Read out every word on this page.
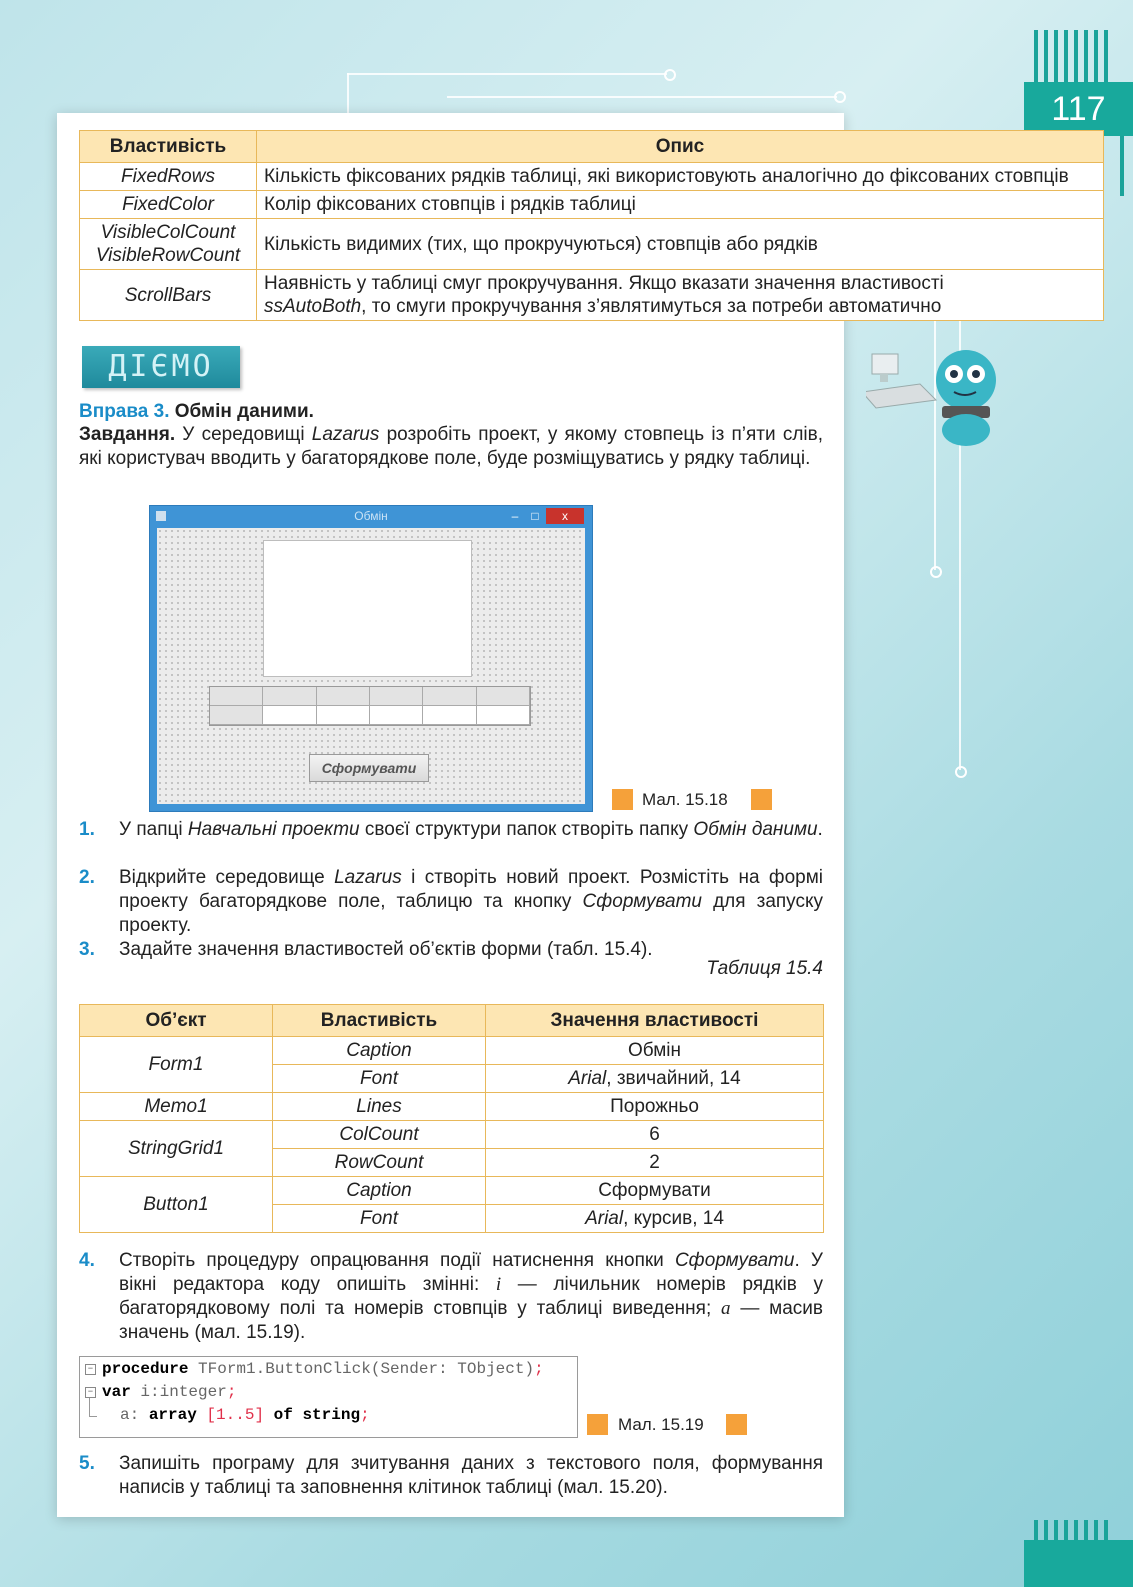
117
Властивість	Опис
FixedRows	Кількість фіксованих рядків таблиці, які використовують аналогічно до фіксованих стовпців
FixedColor	Колір фіксованих стовпців і рядків таблиці

VisibleColCount
VisibleRowCount	Кількість видимих (тих, що прокручуються) стовпців або рядків
ScrollBars	Наявність у таблиці смуг прокручування. Якщо вказати значення властивості
ssAutoBoth, то смуги прокручування з’являтимуться за потреби автоматично
ДІЄМО
Вправа 3. Обмін даними.
Завдання. У середовищі Lazarus розробіть проект, у якому стовпець із п’яти слів, які користувач вводить у багаторядкове поле, буде розміщуватись у рядку таблиці.
Обмін	–	□	x
Сформувати
Мал. 15.18
1. У папці Навчальні проекти своєї структури папок створіть папку Обмін даними.
2. Відкрийте середовище Lazarus і створіть новий проект. Розмістіть на формі проекту багаторядкове поле, таблицю та кнопку Сформувати для запуску проекту.
3. Задайте значення властивостей об’єктів форми (табл. 15.4).
Таблиця 15.4
Об’єкт	Властивість	Значення властивості
Form1	Caption	Обмін
	Font	Arial, звичайний, 14
Memo1	Lines	Порожньо
StringGrid1	ColCount	6
	RowCount	2
Button1	Caption	Сформувати
	Font	Arial, курсив, 14
4. Створіть процедуру опрацювання події натиснення кнопки Сформувати. У вікні редактора коду опишіть змінні: i — лічильник номерів рядків у багаторядковому полі та номерів стовпців у таблиці виведення; a — масив значень (мал. 15.19).
− procedure TForm1.ButtonClick(Sender: TObject);
− var i:integer;
a: array [1..5] of string;	Мал. 15.19
5. Запишіть програму для зчитування даних з текстового поля, формування написів у таблиці та заповнення клітинок таблиці (мал. 15.20).
